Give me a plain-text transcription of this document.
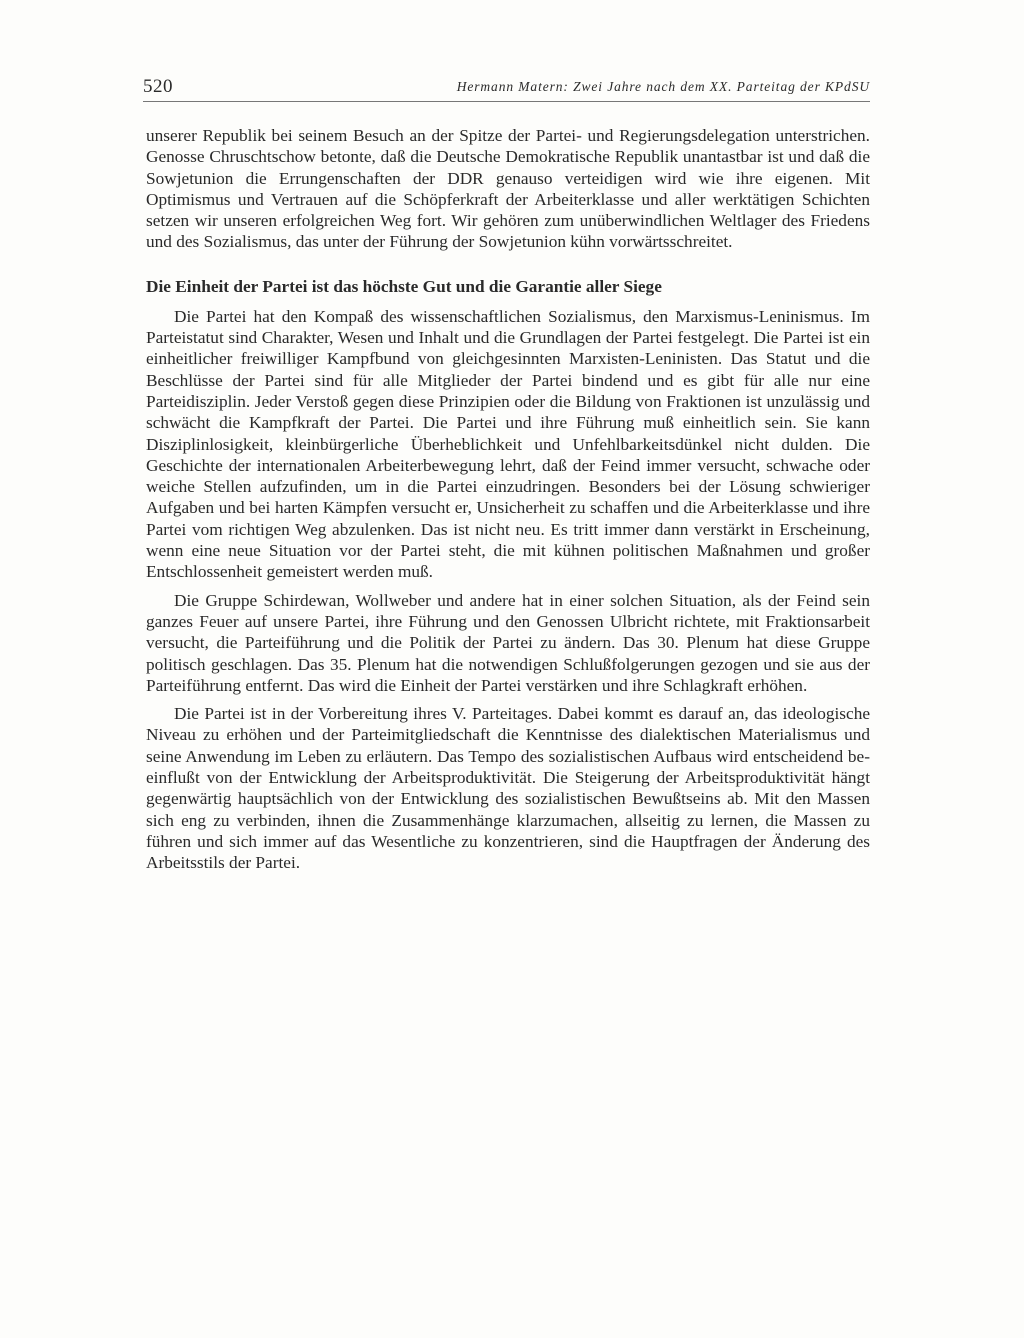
520	Hermann Matern: Zwei Jahre nach dem XX. Parteitag der KPdSU

unserer Republik bei seinem Besuch an der Spitze der Partei- und Regierungsdelegation unterstrichen. Genosse Chruschtschow betonte, daß die Deutsche Demokratische Republik unantastbar ist und daß die Sowjetunion die Errungenschaften der DDR genauso verteidigen wird wie ihre eigenen. Mit Optimismus und Vertrauen auf die Schöpferkraft der Arbeiterklasse und aller werktätigen Schichten setzen wir unseren erfolgreichen Weg fort. Wir gehören zum unüberwindlichen Weltlager des Friedens und des Sozialismus, das unter der Führung der Sowjetunion kühn vorwärtsschreitet.

Die Einheit der Partei ist das höchste Gut und die Garantie aller Siege

Die Partei hat den Kompaß des wissenschaftlichen Sozialismus, den Marxismus-Leninismus. Im Parteistatut sind Charakter, Wesen und Inhalt und die Grundlagen der Partei festgelegt. Die Partei ist ein einheitlicher freiwilliger Kampfbund von gleichgesinnten Marxisten-Leninisten. Das Statut und die Beschlüsse der Partei sind für alle Mitglieder der Partei bindend und es gibt für alle nur eine Parteidisziplin. Jeder Verstoß gegen diese Prinzipien oder die Bildung von Fraktionen ist unzulässig und schwächt die Kampfkraft der Partei. Die Partei und ihre Führung muß einheitlich sein. Sie kann Disziplinlosigkeit, kleinbürgerliche Überheblichkeit und Unfehlbarkeitsdünkel nicht dulden. Die Geschichte der internationalen Arbeiterbewegung lehrt, daß der Feind immer versucht, schwache oder weiche Stellen aufzufinden, um in die Partei einzudringen. Besonders bei der Lösung schwieriger Aufgaben und bei harten Kämpfen versucht er, Unsicherheit zu schaffen und die Arbeiterklasse und ihre Partei vom richtigen Weg abzulenken. Das ist nicht neu. Es tritt immer dann verstärkt in Erscheinung, wenn eine neue Situation vor der Partei steht, die mit kühnen politischen Maßnahmen und großer Entschlossenheit gemeistert werden muß.

Die Gruppe Schirdewan, Wollweber und andere hat in einer solchen Situation, als der Feind sein ganzes Feuer auf unsere Partei, ihre Führung und den Genossen Ulbricht richtete, mit Fraktionsarbeit versucht, die Parteiführung und die Politik der Partei zu ändern. Das 30. Plenum hat diese Gruppe politisch geschlagen. Das 35. Plenum hat die notwendigen Schlußfolgerungen gezogen und sie aus der Parteiführung entfernt. Das wird die Einheit der Partei verstärken und ihre Schlagkraft erhöhen.

Die Partei ist in der Vorbereitung ihres V. Parteitages. Dabei kommt es darauf an, das ideologische Niveau zu erhöhen und der Parteimitgliedschaft die Kenntnisse des dialektischen Materialismus und seine Anwendung im Leben zu erläutern. Das Tempo des sozialistischen Aufbaus wird entscheidend beeinflußt von der Entwicklung der Arbeitsproduktivität. Die Steigerung der Arbeitsproduktivität hängt gegenwärtig hauptsächlich von der Entwicklung des sozialistischen Bewußtseins ab. Mit den Massen sich eng zu verbinden, ihnen die Zusammenhänge klarzumachen, allseitig zu lernen, die Massen zu führen und sich immer auf das Wesentliche zu konzentrieren, sind die Hauptfragen der Änderung des Arbeitsstils der Partei.
